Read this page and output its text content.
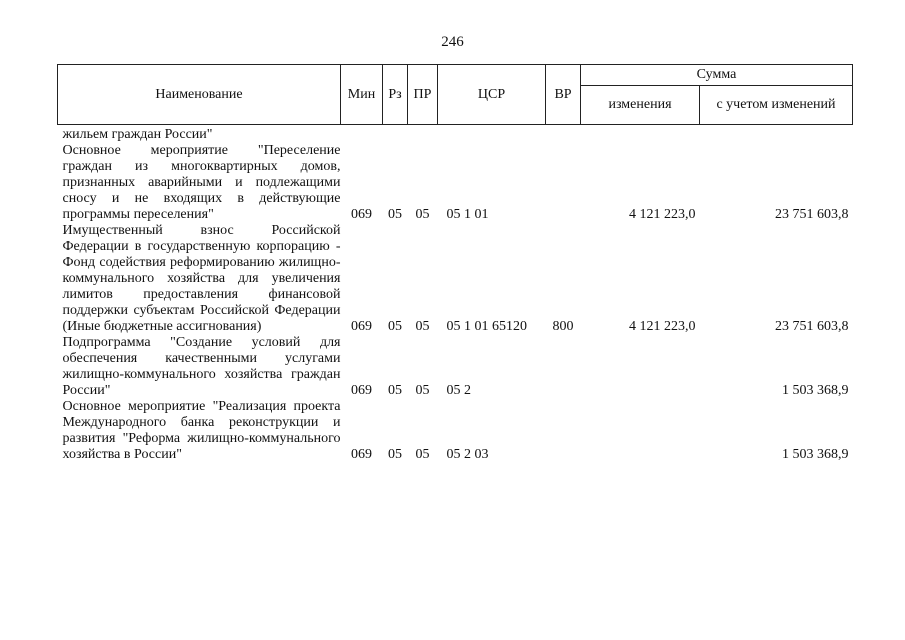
246
Наименование	Мин	Рз	ПР	ЦСР	ВР	Сумма	
						изменения	с учетом изменений
жильем граждан России"							
Основное мероприятие "Переселение граждан из многоквартирных домов, признанных аварийными и подлежащими сносу и не входящих в действующие программы переселения"	069	05	05	05 1 01		4 121 223,0	23 751 603,8
Имущественный взнос Российской Федерации в государственную корпорацию - Фонд содействия реформированию жилищно-коммунального хозяйства для увеличения лимитов предоставления финансовой поддержки субъектам Российской Федерации (Иные бюджетные ассигнования)	069	05	05	05 1 01 65120	800	4 121 223,0	23 751 603,8
Подпрограмма "Создание условий для обеспечения качественными услугами жилищно-коммунального хозяйства граждан России"	069	05	05	05 2			1 503 368,9
Основное мероприятие "Реализация проекта Международного банка реконструкции и развития "Реформа жилищно-коммунального хозяйства в России"	069	05	05	05 2 03			1 503 368,9
